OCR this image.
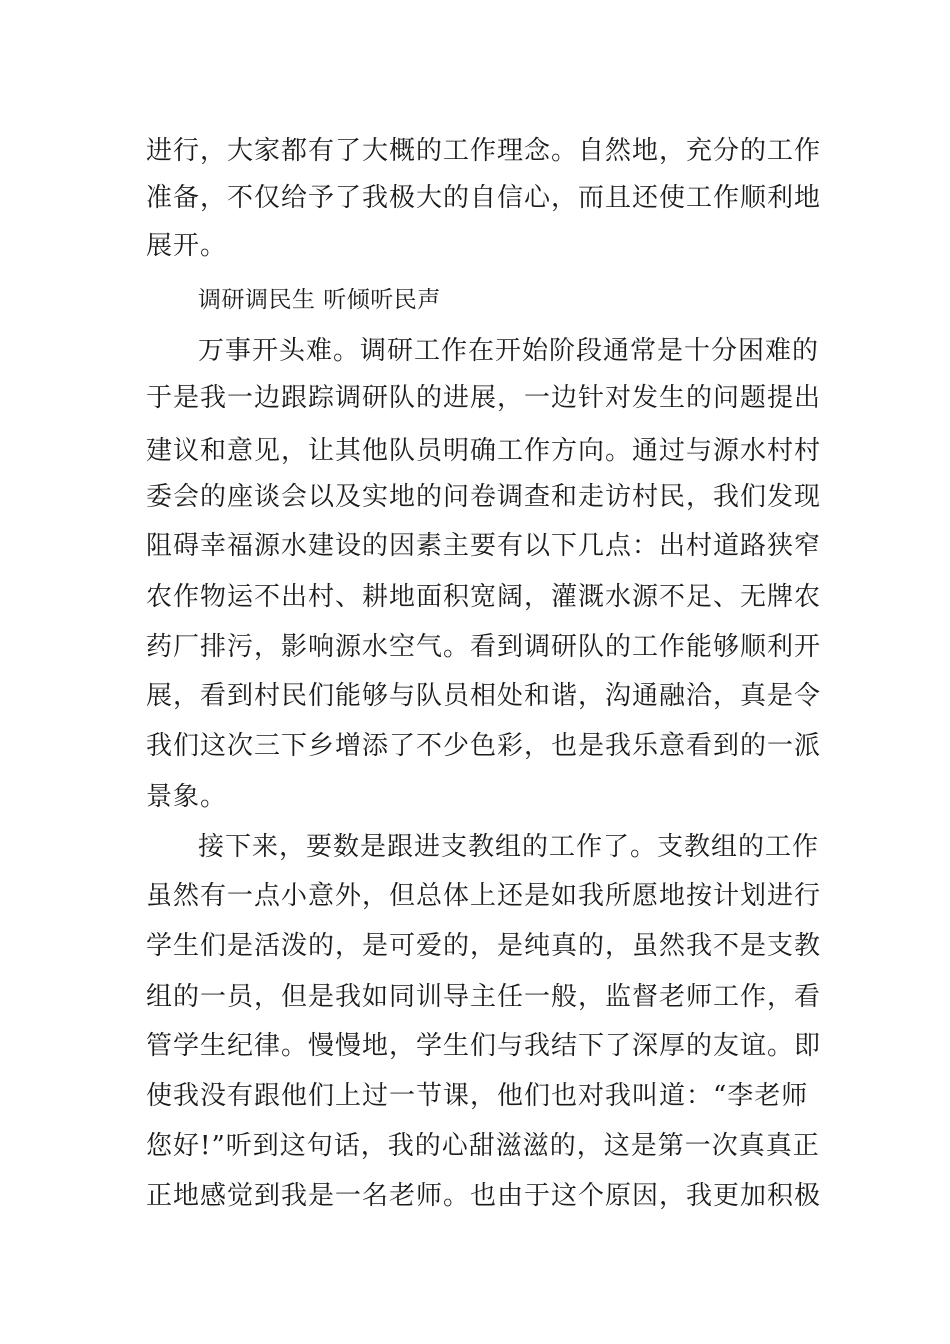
进行，大家都有了大概的工作理念。自然地，充分的工作
准备，不仅给予了我极大的自信心，而且还使工作顺利地
展开。
调研调民生 听倾听民声
万事开头难。调研工作在开始阶段通常是十分困难的
于是我一边跟踪调研队的进展，一边针对发生的问题提出
建议和意见，让其他队员明确工作方向。通过与源水村村
委会的座谈会以及实地的问卷调查和走访村民，我们发现
阻碍幸福源水建设的因素主要有以下几点：出村道路狭窄
农作物运不出村、耕地面积宽阔，灌溉水源不足、无牌农
药厂排污，影响源水空气。看到调研队的工作能够顺利开
展，看到村民们能够与队员相处和谐，沟通融洽，真是令
我们这次三下乡增添了不少色彩，也是我乐意看到的一派
景象。
接下来，要数是跟进支教组的工作了。支教组的工作
虽然有一点小意外，但总体上还是如我所愿地按计划进行
学生们是活泼的，是可爱的，是纯真的，虽然我不是支教
组的一员，但是我如同训导主任一般，监督老师工作，看
管学生纪律。慢慢地，学生们与我结下了深厚的友谊。即
使我没有跟他们上过一节课，他们也对我叫道：“李老师
您好!”听到这句话，我的心甜滋滋的，这是第一次真真正
正地感觉到我是一名老师。也由于这个原因，我更加积极
